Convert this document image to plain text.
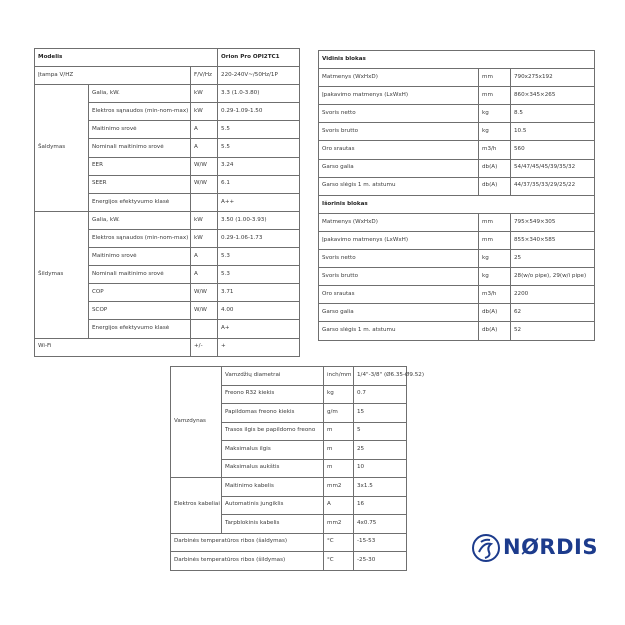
Modelis			Orion Pro OPI2TC1
Įtampa V/HZ		F/V/Hz	220-240V~/50Hz/1P
Šaldymas	Galia, kW.	kW	3.3 (1.0-3.80)
	Elektros sąnaudos (min-nom-max)	kW	0.29-1.09-1.50
	Maitinimo srovė	A	5.5
	Nominali maitinimo srovė	A	5.5
	EER	W/W	3.24
	SEER	W/W	6.1
	Energijos efektyvumo klasė		A++
Šildymas	Galia, kW.	kW	3.50 (1.00-3.93)
	Elektros sąnaudos (min-nom-max)	kW	0.29-1.06-1.73
	Maitinimo srovė	A	5.3
	Nominali maitinimo srovė	A	5.3
	COP	W/W	3.71
	SCOP	W/W	4.00
	Energijos efektyvumo klasė		A+
Wi-Fi		+/-	+
Vidinis blokas		
Matmenys (WxHxD)	mm	790x275x192
Įpakavimo matmenys (LxWxH)	mm	860×345×265
Svoris netto	kg	8.5
Svoris brutto	kg	10.5
Oro srautas	m3/h	560
Garso galia	db(A)	54/47/45/45/39/35/32
Garso slėgis 1 m. atstumu	db(A)	44/37/35/33/29/25/22
Išorinis blokas		
Matmenys (WxHxD)	mm	795×549×305
Įpakavimo matmenys (LxWxH)	mm	855×340×585
Svoris netto	kg	25
Svoris brutto	kg	28(w/o pipe), 29(w/i pipe)
Oro srautas	m3/h	2200
Garso galia	db(A)	62
Garso slėgis 1 m. atstumu	db(A)	52
Vamzdynas	Vamzdžių diametrai	inch/mm	1/4"-3/8" (Ø6.35-Ø9.52)
	Freono R32 kiekis	kg	0.7
	Papildomas freono kiekis	g/m	15
	Trasos ilgis be papildomo freono	m	5
	Maksimalus ilgis	m	25
	Maksimalus aukštis	m	10
Elektros kabeliai	Maitinimo kabelis	mm2	3x1.5
	Automatinis jungiklis	A	16
	Tarpblokinis kabelis	mm2	4x0.75
Darbinės temperatūros ribos (šaldymas)		°C	-15-53
Darbinės temperatūros ribos (šildymas)		°C	-25-30
NØRDIS
